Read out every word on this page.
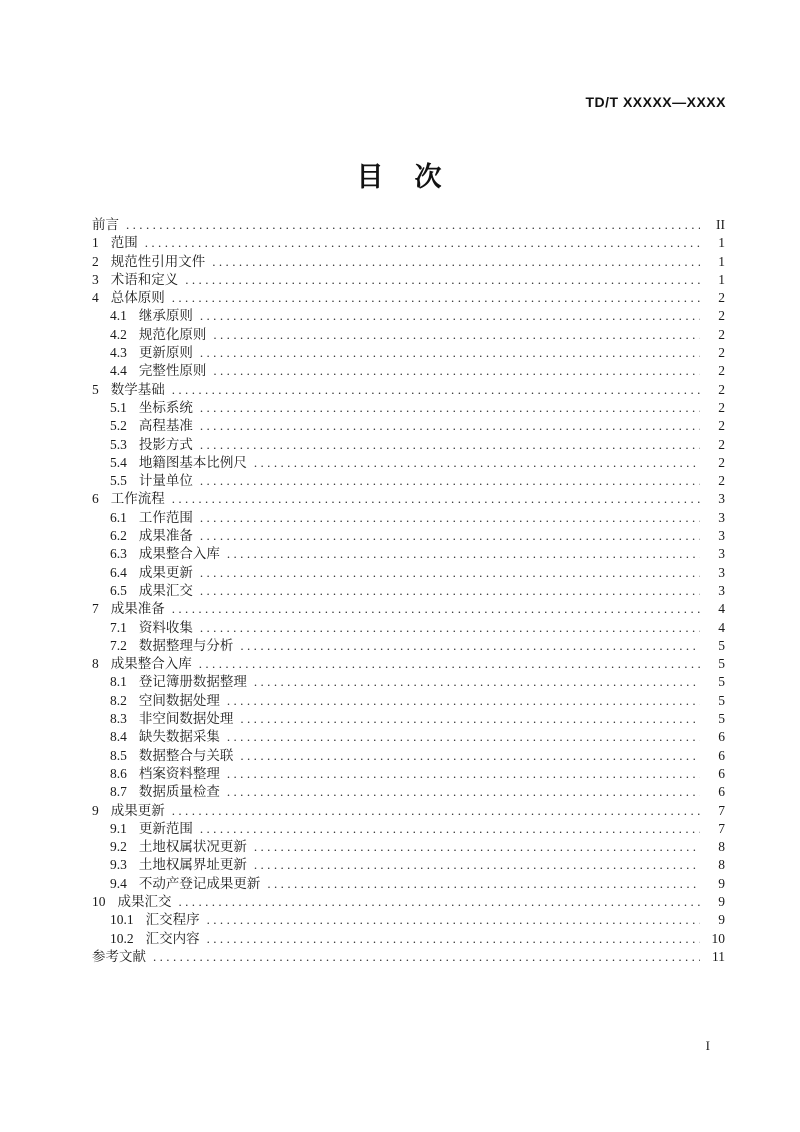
TD/T XXXXX—XXXX
目　次
前言 .....	II
1 范围 .....	1
2 规范性引用文件 .....	1
3 术语和定义 .....	1
4 总体原则 .....	2
4.1 继承原则 .....	2
4.2 规范化原则 .....	2
4.3 更新原则 .....	2
4.4 完整性原则 .....	2
5 数学基础 .....	2
5.1 坐标系统 .....	2
5.2 高程基准 .....	2
5.3 投影方式 .....	2
5.4 地籍图基本比例尺 .....	2
5.5 计量单位 .....	2
6 工作流程 .....	3
6.1 工作范围 .....	3
6.2 成果准备 .....	3
6.3 成果整合入库 .....	3
6.4 成果更新 .....	3
6.5 成果汇交 .....	3
7 成果准备 .....	4
7.1 资料收集 .....	4
7.2 数据整理与分析 .....	5
8 成果整合入库 .....	5
8.1 登记簿册数据整理 .....	5
8.2 空间数据处理 .....	5
8.3 非空间数据处理 .....	5
8.4 缺失数据采集 .....	6
8.5 数据整合与关联 .....	6
8.6 档案资料整理 .....	6
8.7 数据质量检查 .....	6
9 成果更新 .....	7
9.1 更新范围 .....	7
9.2 土地权属状况更新 .....	8
9.3 土地权属界址更新 .....	8
9.4 不动产登记成果更新 .....	9
10 成果汇交 .....	9
10.1 汇交程序 .....	9
10.2 汇交内容 .....	10
参考文献 .....	11
I
